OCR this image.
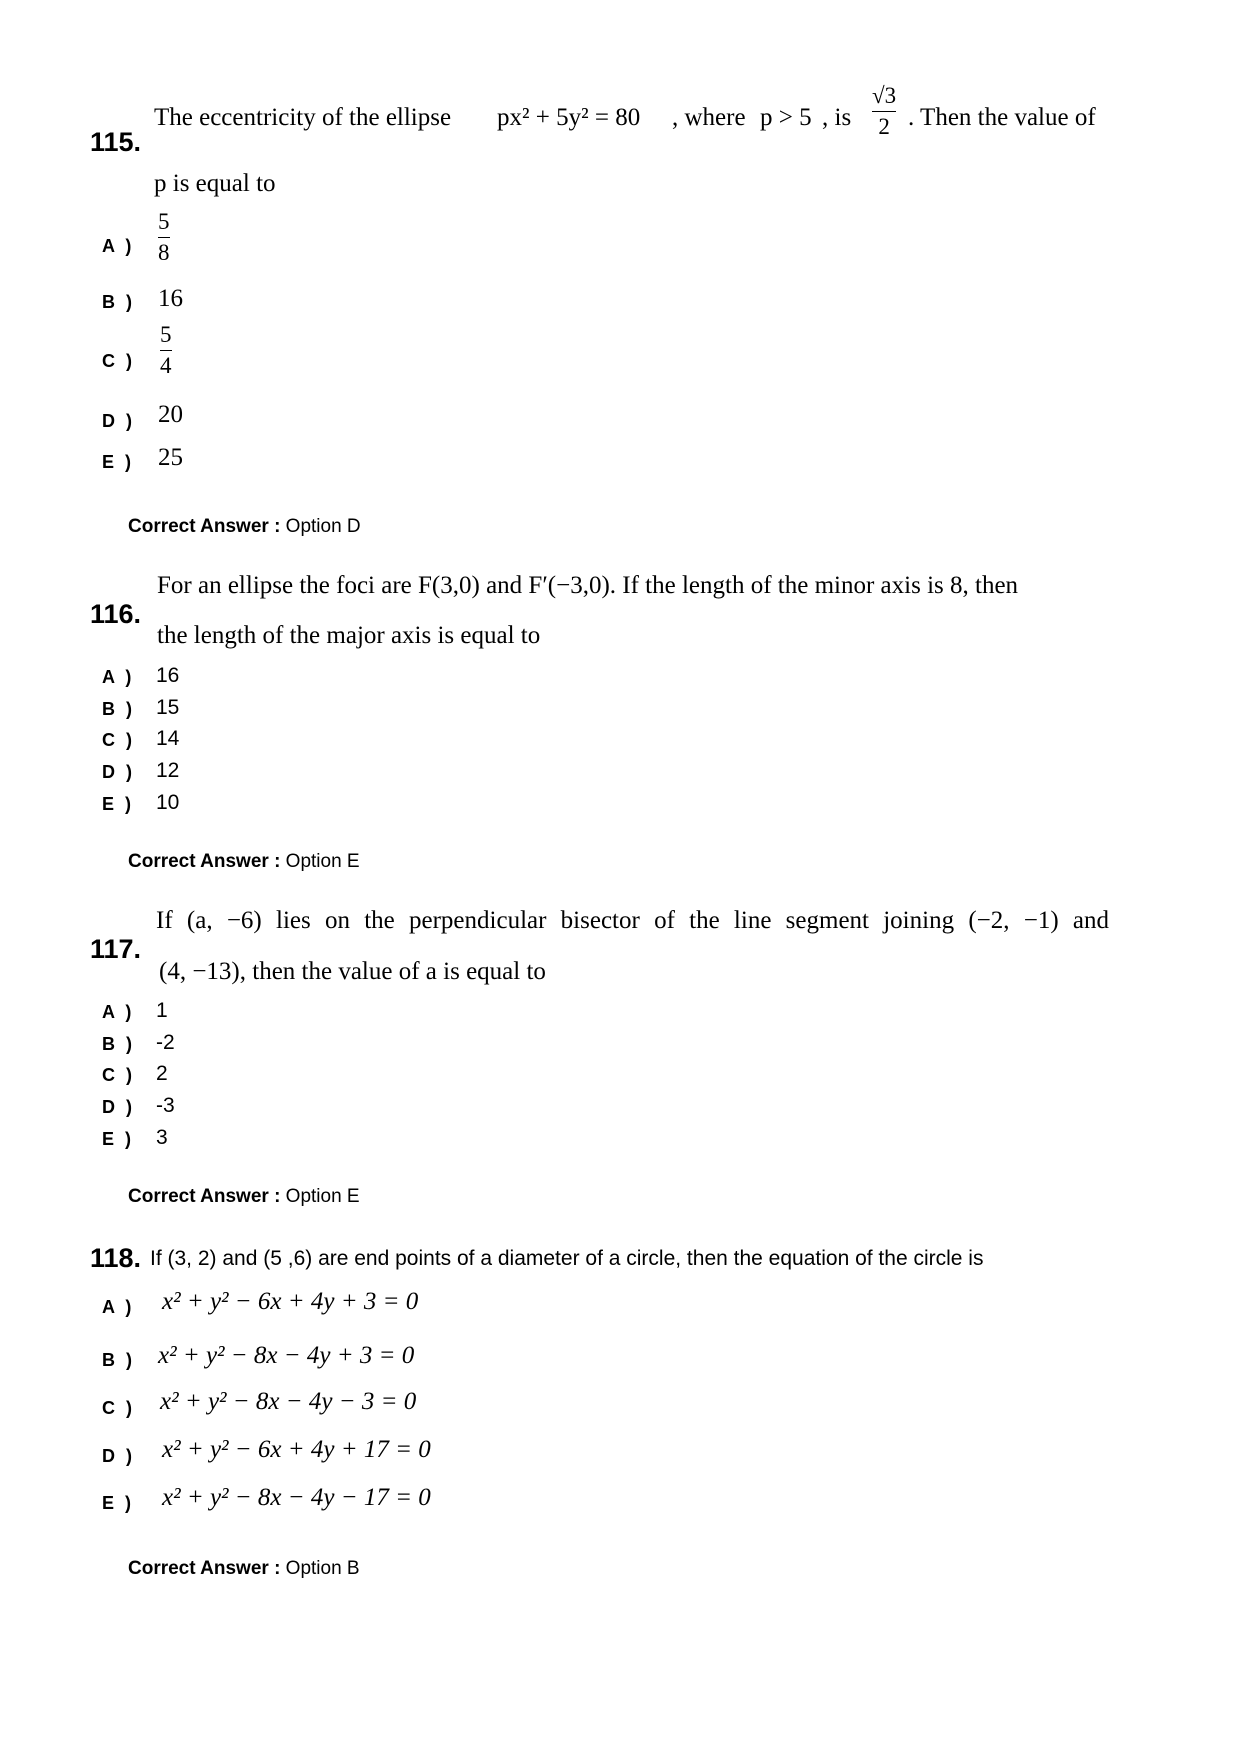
115.
The eccentricity of the ellipse px² + 5y² = 80 , where p > 5 , is
√3
2 . Then the value of
p is equal to
A )
5
8
B ) 16
C )
5
4
D ) 20
E ) 25
Correct Answer : Option D
116.
For an ellipse the foci are F(3,0) and F′(−3,0). If the length of the minor axis is 8, then
the length of the major axis is equal to
A ) 16
B ) 15
C ) 14
D ) 12
E ) 10
Correct Answer : Option E
117.
If (a, −6) lies on the perpendicular bisector of the line segment joining (−2, −1) and
(4, −13), then the value of a is equal to
A ) 1
B ) -2
C ) 2
D ) -3
E ) 3
Correct Answer : Option E
118. If (3, 2) and (5 ,6) are end points of a diameter of a circle, then the equation of the circle is
A ) x² + y² − 6x + 4y + 3 = 0
B ) x² + y² − 8x − 4y + 3 = 0
C ) x² + y² − 8x − 4y − 3 = 0
D ) x² + y² − 6x + 4y + 17 = 0
E ) x² + y² − 8x − 4y − 17 = 0
Correct Answer : Option B
